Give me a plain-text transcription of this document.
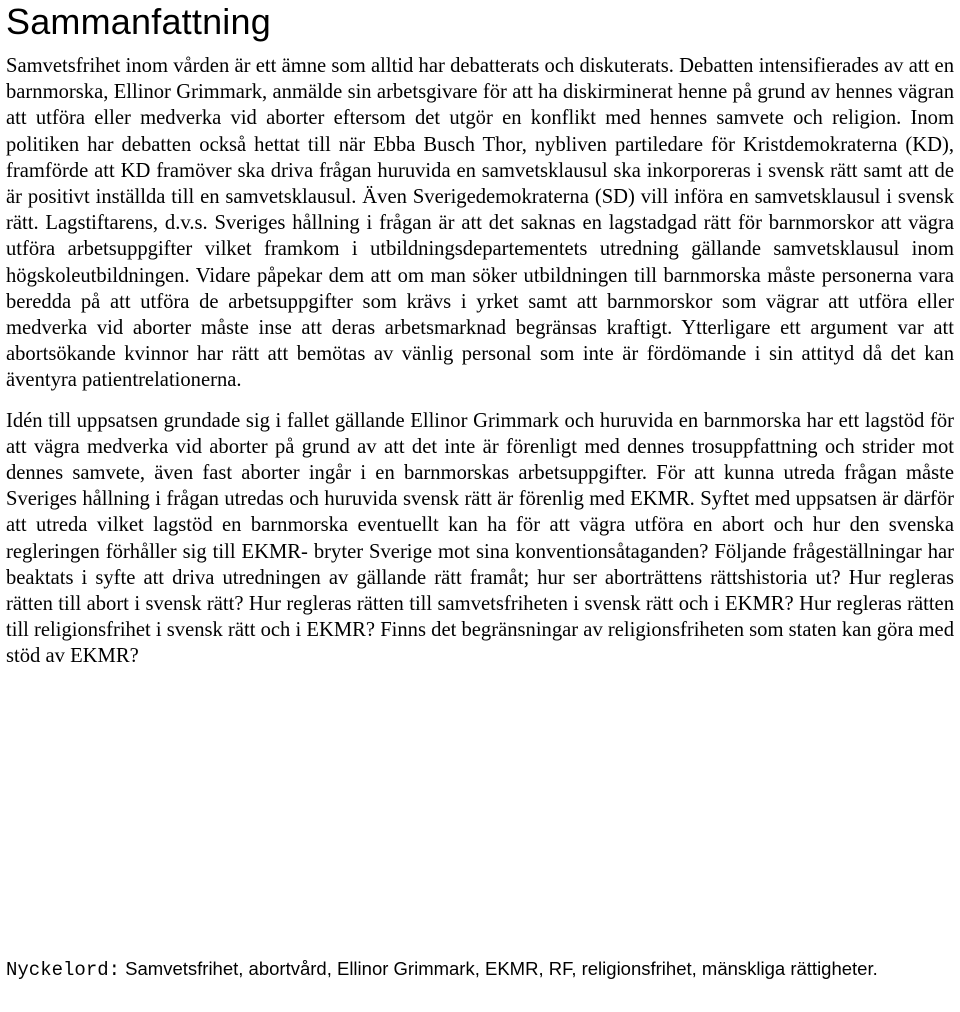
Sammanfattning

Samvetsfrihet inom vården är ett ämne som alltid har debatterats och diskuterats. Debatten intensifierades av att en barnmorska, Ellinor Grimmark, anmälde sin arbetsgivare för att ha diskirminerat henne på grund av hennes vägran att utföra eller medverka vid aborter eftersom det utgör en konflikt med hennes samvete och religion. Inom politiken har debatten också hettat till när Ebba Busch Thor, nybliven partiledare för Kristdemokraterna (KD), framförde att KD framöver ska driva frågan huruvida en samvetsklausul ska inkorporeras i svensk rätt samt att de är positivt inställda till en samvetsklausul. Även Sverigedemokraterna (SD) vill införa en samvetsklausul i svensk rätt. Lagstiftarens, d.v.s. Sveriges hållning i frågan är att det saknas en lagstadgad rätt för barnmorskor att vägra utföra arbetsuppgifter vilket framkom i utbildningsdepartementets utredning gällande samvetsklausul inom högskoleutbildningen. Vidare påpekar dem att om man söker utbildningen till barnmorska måste personerna vara beredda på att utföra de arbetsuppgifter som krävs i yrket samt att barnmorskor som vägrar att utföra eller medverka vid aborter måste inse att deras arbetsmarknad begränsas kraftigt. Ytterligare ett argument var att abortsökande kvinnor har rätt att bemötas av vänlig personal som inte är fördömande i sin attityd då det kan äventyra patientrelationerna.

Idén till uppsatsen grundade sig i fallet gällande Ellinor Grimmark och huruvida en barnmorska har ett lagstöd för att vägra medverka vid aborter på grund av att det inte är förenligt med dennes trosuppfattning och strider mot dennes samvete, även fast aborter ingår i en barnmorskas arbetsuppgifter. För att kunna utreda frågan måste Sveriges hållning i frågan utredas och huruvida svensk rätt är förenlig med EKMR. Syftet med uppsatsen är därför att utreda vilket lagstöd en barnmorska eventuellt kan ha för att vägra utföra en abort och hur den svenska regleringen förhåller sig till EKMR- bryter Sverige mot sina konventionsåtaganden? Följande frågeställningar har beaktats i syfte att driva utredningen av gällande rätt framåt; hur ser aborträttens rättshistoria ut? Hur regleras rätten till abort i svensk rätt? Hur regleras rätten till samvetsfriheten i svensk rätt och i EKMR? Hur regleras rätten till religionsfrihet i svensk rätt och i EKMR? Finns det begränsningar av religionsfriheten som staten kan göra med stöd av EKMR?

Nyckelord: Samvetsfrihet, abortvård, Ellinor Grimmark, EKMR, RF, religionsfrihet, mänskliga rättigheter.
